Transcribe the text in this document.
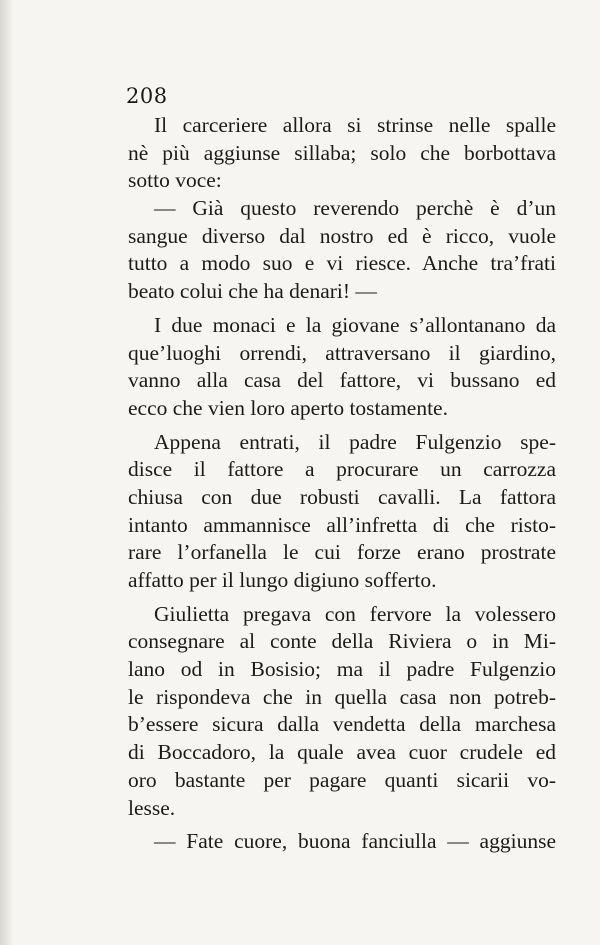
208
Il carceriere allora si strinse nelle spalle
nè più aggiunse sillaba; solo che borbottava
sotto voce:
— Già questo reverendo perchè è d’un
sangue diverso dal nostro ed è ricco, vuole
tutto a modo suo e vi riesce. Anche tra’frati
beato colui che ha denari! —
I due monaci e la giovane s’allontanano da
que’luoghi orrendi, attraversano il giardino,
vanno alla casa del fattore, vi bussano ed
ecco che vien loro aperto tostamente.
Appena entrati, il padre Fulgenzio spe-
disce il fattore a procurare un carrozza
chiusa con due robusti cavalli. La fattora
intanto ammannisce all’infretta di che risto-
rare l’orfanella le cui forze erano prostrate
affatto per il lungo digiuno sofferto.
Giulietta pregava con fervore la volessero
consegnare al conte della Riviera o in Mi-
lano od in Bosisio; ma il padre Fulgenzio
le rispondeva che in quella casa non potreb-
b’essere sicura dalla vendetta della marchesa
di Boccadoro, la quale avea cuor crudele ed
oro bastante per pagare quanti sicarii vo-
lesse.
— Fate cuore, buona fanciulla — aggiunse
